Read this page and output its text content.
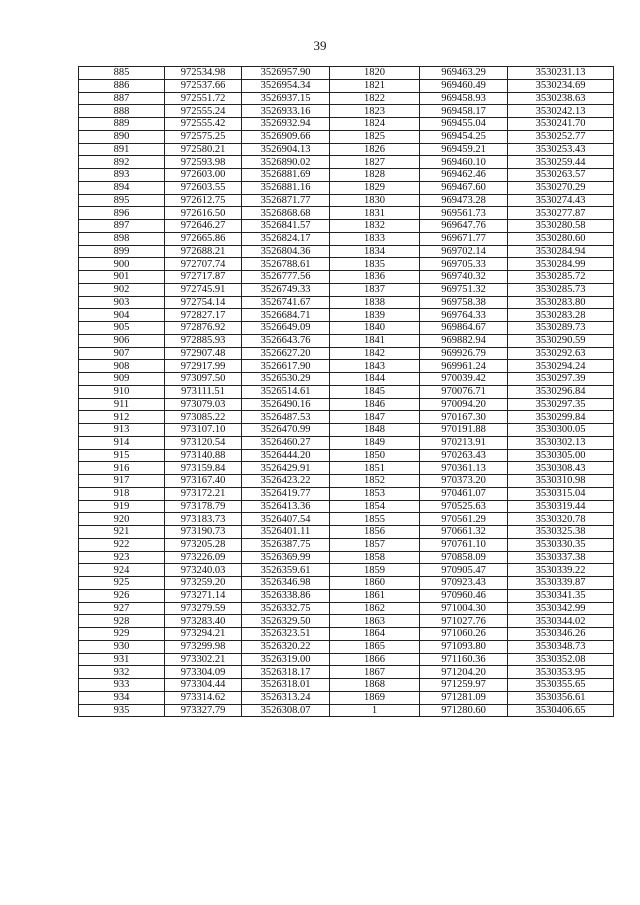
39
885	972534.98	3526957.90	1820	969463.29	3530231.13
886	972537.66	3526954.34	1821	969460.49	3530234.69
887	972551.72	3526937.15	1822	969458.93	3530238.63
888	972555.24	3526933.16	1823	969458.17	3530242.13
889	972555.42	3526932.94	1824	969455.04	3530241.70
890	972575.25	3526909.66	1825	969454.25	3530252.77
891	972580.21	3526904.13	1826	969459.21	3530253.43
892	972593.98	3526890.02	1827	969460.10	3530259.44
893	972603.00	3526881.69	1828	969462.46	3530263.57
894	972603.55	3526881.16	1829	969467.60	3530270.29
895	972612.75	3526871.77	1830	969473.28	3530274.43
896	972616.50	3526868.68	1831	969561.73	3530277.87
897	972646.27	3526841.57	1832	969647.76	3530280.58
898	972665.86	3526824.17	1833	969671.77	3530280.60
899	972688.21	3526804.36	1834	969702.14	3530284.94
900	972707.74	3526788.61	1835	969705.33	3530284.99
901	972717.87	3526777.56	1836	969740.32	3530285.72
902	972745.91	3526749.33	1837	969751.32	3530285.73
903	972754.14	3526741.67	1838	969758.38	3530283.80
904	972827.17	3526684.71	1839	969764.33	3530283.28
905	972876.92	3526649.09	1840	969864.67	3530289.73
906	972885.93	3526643.76	1841	969882.94	3530290.59
907	972907.48	3526627.20	1842	969926.79	3530292.63
908	972917.99	3526617.90	1843	969961.24	3530294.24
909	973097.50	3526530.29	1844	970039.42	3530297.39
910	973111.51	3526514.61	1845	970076.71	3530296.84
911	973079.03	3526490.16	1846	970094.20	3530297.35
912	973085.22	3526487.53	1847	970167.30	3530299.84
913	973107.10	3526470.99	1848	970191.88	3530300.05
914	973120.54	3526460.27	1849	970213.91	3530302.13
915	973140.88	3526444.20	1850	970263.43	3530305.00
916	973159.84	3526429.91	1851	970361.13	3530308.43
917	973167.40	3526423.22	1852	970373.20	3530310.98
918	973172.21	3526419.77	1853	970461.07	3530315.04
919	973178.79	3526413.36	1854	970525.63	3530319.44
920	973183.73	3526407.54	1855	970561.29	3530320.78
921	973190.73	3526401.11	1856	970661.32	3530325.38
922	973205.28	3526387.75	1857	970761.10	3530330.35
923	973226.09	3526369.99	1858	970858.09	3530337.38
924	973240.03	3526359.61	1859	970905.47	3530339.22
925	973259.20	3526346.98	1860	970923.43	3530339.87
926	973271.14	3526338.86	1861	970960.46	3530341.35
927	973279.59	3526332.75	1862	971004.30	3530342.99
928	973283.40	3526329.50	1863	971027.76	3530344.02
929	973294.21	3526323.51	1864	971060.26	3530346.26
930	973299.98	3526320.22	1865	971093.80	3530348.73
931	973302.21	3526319.00	1866	971160.36	3530352.08
932	973304.09	3526318.17	1867	971204.20	3530353.95
933	973304.44	3526318.01	1868	971259.97	3530355.65
934	973314.62	3526313.24	1869	971281.09	3530356.61
935	973327.79	3526308.07	1	971280.60	3530406.65
